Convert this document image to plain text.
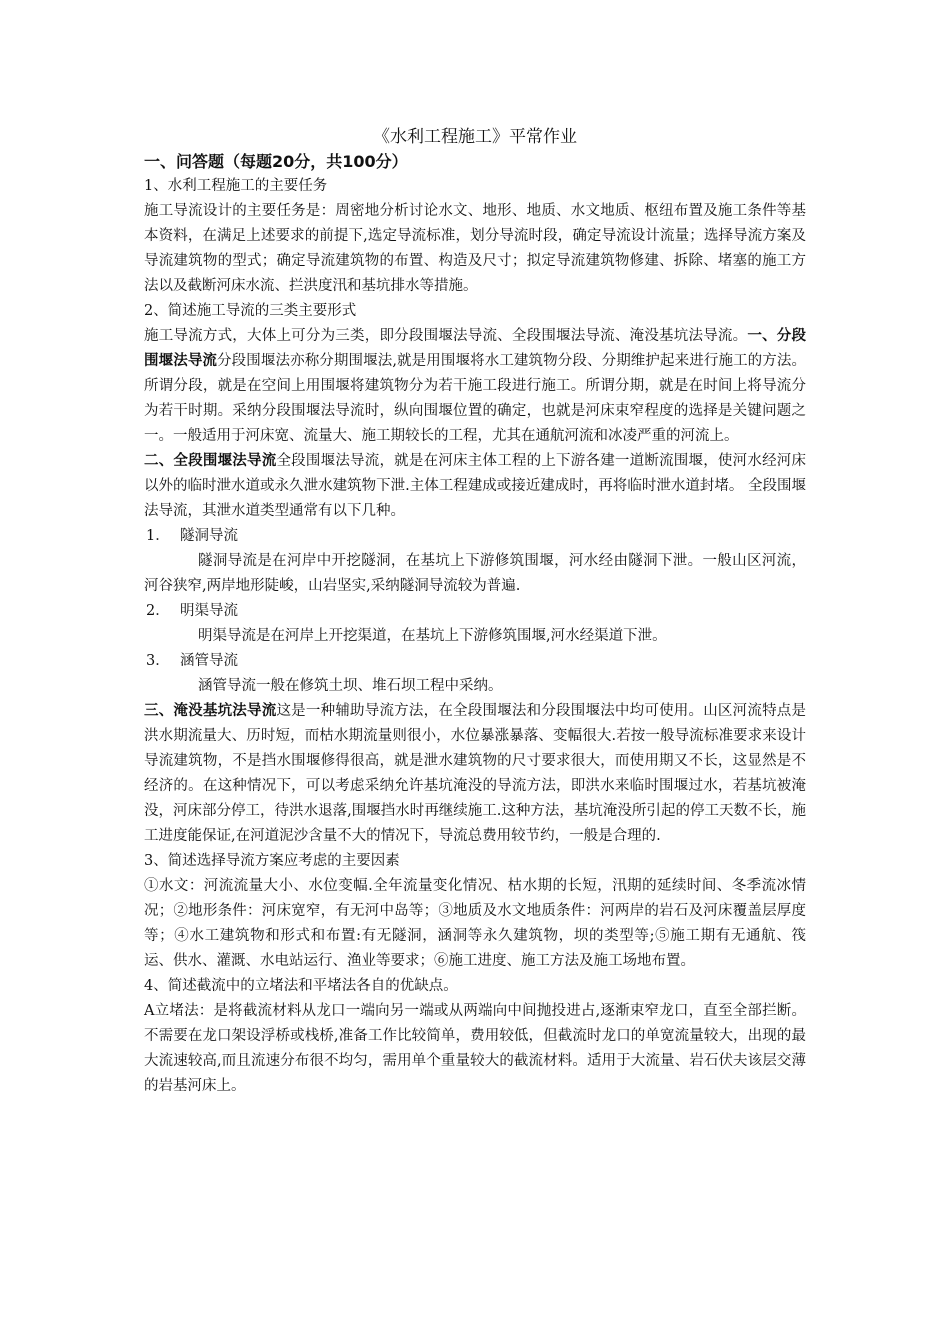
《水利工程施工》平常作业

一、问答题（每题20分，共100分）

1、水利工程施工的主要任务

施工导流设计的主要任务是：周密地分析讨论水文、地形、地质、水文地质、枢纽布置及施工条件等基本资料，在满足上述要求的前提下,选定导流标准，划分导流时段，确定导流设计流量；选择导流方案及导流建筑物的型式；确定导流建筑物的布置、构造及尺寸；拟定导流建筑物修建、拆除、堵塞的施工方法以及截断河床水流、拦洪度汛和基坑排水等措施。

2、简述施工导流的三类主要形式

施工导流方式，大体上可分为三类，即分段围堰法导流、全段围堰法导流、淹没基坑法导流。一、分段围堰法导流分段围堰法亦称分期围堰法,就是用围堰将水工建筑物分段、分期维护起来进行施工的方法。所谓分段，就是在空间上用围堰将建筑物分为若干施工段进行施工。所谓分期，就是在时间上将导流分为若干时期。采纳分段围堰法导流时，纵向围堰位置的确定，也就是河床束窄程度的选择是关键问题之一。一般适用于河床宽、流量大、施工期较长的工程，尤其在通航河流和冰凌严重的河流上。

二、全段围堰法导流全段围堰法导流，就是在河床主体工程的上下游各建一道断流围堰，使河水经河床以外的临时泄水道或永久泄水建筑物下泄.主体工程建成或接近建成时，再将临时泄水道封堵。 全段围堰法导流，其泄水道类型通常有以下几种。

1． 隧洞导流

隧洞导流是在河岸中开挖隧洞，在基坑上下游修筑围堰，河水经由隧洞下泄。一般山区河流，河谷狭窄,两岸地形陡峻，山岩坚实,采纳隧洞导流较为普遍.

2． 明渠导流

明渠导流是在河岸上开挖渠道，在基坑上下游修筑围堰,河水经渠道下泄。

3． 涵管导流

涵管导流一般在修筑土坝、堆石坝工程中采纳。

三、淹没基坑法导流这是一种辅助导流方法，在全段围堰法和分段围堰法中均可使用。山区河流特点是洪水期流量大、历时短，而枯水期流量则很小，水位暴涨暴落、变幅很大.若按一般导流标准要求来设计导流建筑物，不是挡水围堰修得很高，就是泄水建筑物的尺寸要求很大，而使用期又不长，这显然是不经济的。在这种情况下，可以考虑采纳允许基坑淹没的导流方法，即洪水来临时围堰过水，若基坑被淹没，河床部分停工，待洪水退落,围堰挡水时再继续施工.这种方法，基坑淹没所引起的停工天数不长，施工进度能保证,在河道泥沙含量不大的情况下，导流总费用较节约，一般是合理的.

3、简述选择导流方案应考虑的主要因素

①水文：河流流量大小、水位变幅.全年流量变化情况、枯水期的长短，汛期的延续时间、冬季流冰情况；②地形条件：河床宽窄，有无河中岛等；③地质及水文地质条件：河两岸的岩石及河床覆盖层厚度等；④水工建筑物和形式和布置:有无隧洞，涵洞等永久建筑物，坝的类型等;⑤施工期有无通航、筏运、供水、灌溉、水电站运行、渔业等要求；⑥施工进度、施工方法及施工场地布置。

4、简述截流中的立堵法和平堵法各自的优缺点。

A立堵法：是将截流材料从龙口一端向另一端或从两端向中间抛投进占,逐渐束窄龙口，直至全部拦断。不需要在龙口架设浮桥或栈桥,准备工作比较简单，费用较低，但截流时龙口的单宽流量较大，出现的最大流速较高,而且流速分布很不均匀，需用单个重量较大的截流材料。适用于大流量、岩石伏夫该层交薄的岩基河床上。
